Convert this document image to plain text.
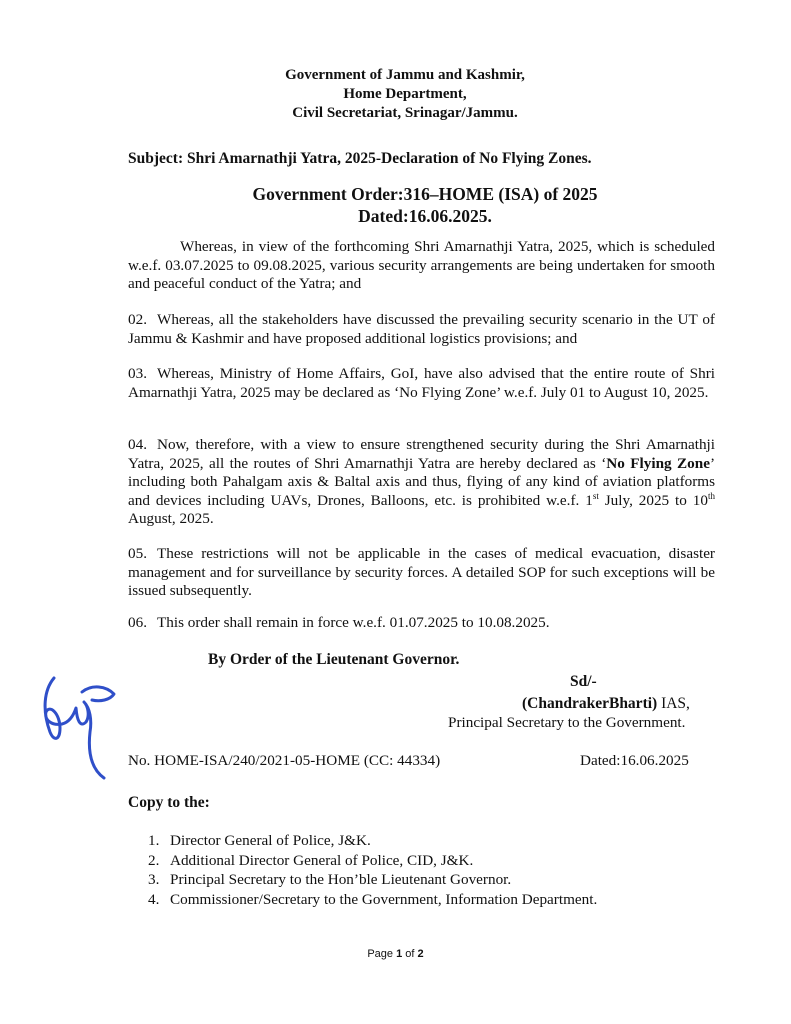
Government of Jammu and Kashmir,
Home Department,
Civil Secretariat, Srinagar/Jammu.
Subject: Shri Amarnathji Yatra, 2025-Declaration of No Flying Zones.
Government Order:316–HOME (ISA) of 2025
Dated:16.06.2025.
Whereas, in view of the forthcoming Shri Amarnathji Yatra, 2025, which is scheduled w.e.f. 03.07.2025 to 09.08.2025, various security arrangements are being undertaken for smooth and peaceful conduct of the Yatra; and
02. Whereas, all the stakeholders have discussed the prevailing security scenario in the UT of Jammu & Kashmir and have proposed additional logistics provisions; and
03. Whereas, Ministry of Home Affairs, GoI, have also advised that the entire route of Shri Amarnathji Yatra, 2025 may be declared as ‘No Flying Zone’ w.e.f. July 01 to August 10, 2025.
04. Now, therefore, with a view to ensure strengthened security during the Shri Amarnathji Yatra, 2025, all the routes of Shri Amarnathji Yatra are hereby declared as ‘No Flying Zone’ including both Pahalgam axis & Baltal axis and thus, flying of any kind of aviation platforms and devices including UAVs, Drones, Balloons, etc. is prohibited w.e.f. 1st July, 2025 to 10th August, 2025.
05. These restrictions will not be applicable in the cases of medical evacuation, disaster management and for surveillance by security forces. A detailed SOP for such exceptions will be issued subsequently.
06. This order shall remain in force w.e.f. 01.07.2025 to 10.08.2025.
By Order of the Lieutenant Governor.
Sd/-
(ChandrakerBharti) IAS,
Principal Secretary to the Government.
No. HOME-ISA/240/2021-05-HOME (CC: 44334)	Dated:16.06.2025
Copy to the:
1. Director General of Police, J&K.
2. Additional Director General of Police, CID, J&K.
3. Principal Secretary to the Hon’ble Lieutenant Governor.
4. Commissioner/Secretary to the Government, Information Department.
Page 1 of 2
